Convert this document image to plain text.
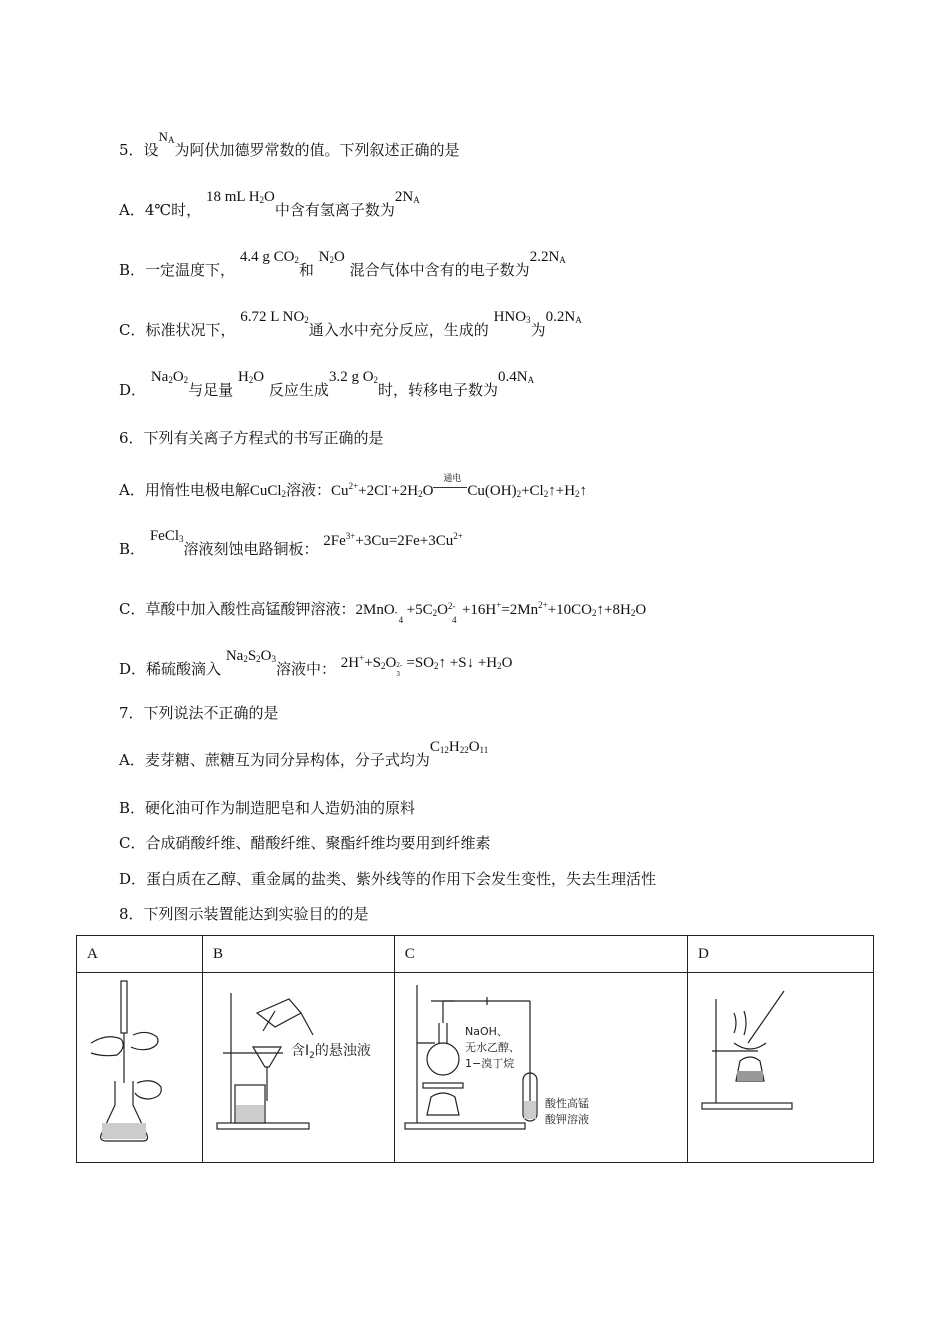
5．设$N_A$为阿伏加德罗常数的值。下列叙述正确的是
A．4℃时， 18 mL $H_2O$中含有氢离子数为$2N_A$
B．一定温度下， 4.4 g $CO_2$和 $N_2O$ 混合气体中含有的电子数为$2.2N_A$
C．标准状况下， 6.72 L $NO_2$通入水中充分反应，生成的 $HNO_3$为$0.2N_A$
D． $Na_2O_2$与足量 $H_2O$ 反应生成3.2 g $O_2$时，转移电子数为$0.4N_A$
6．下列有关离子方程式的书写正确的是
A．用惰性电极电解CuCl$_2$溶液：$Cu^{2+}+2Cl^-+2H_2O$
通电
$Cu(OH)_2+Cl_2↑+H_2↑$
B． FeCl$_3$溶液刻蚀电路铜板： $2Fe^{3+}+3Cu=2Fe+3Cu^{2+}$
C．草酸中加入酸性高锰酸钾溶液：2MnO -
4
$+5C_2O$ 2-
4
$+16H^+=2Mn^{2+}+10CO_2↑+8H_2O$
D．稀硫酸滴入 $Na_2S_2O_3$溶液中： $2H^++S_2O$ 2-
3
$=SO_2↑$ +S↓ $+H_2O$
7．下列说法不正确的是
A．麦芽糖、蔗糖互为同分异构体，分子式均为$C_{12}H_{22}O_{11}$
B．硬化油可作为制造肥皂和人造奶油的原料
C．合成硝酸纤维、醋酸纤维、聚酯纤维均要用到纤维素
D．蛋白质在乙醇、重金属的盐类、紫外线等的作用下会发生变性，失去生理活性
8．下列图示装置能达到实验目的的是
A	B	C	D

含$I_2$的悬浊液	NaOH、
无水乙醇、
1−溴丁烷
酸性高锰
酸钾溶液
